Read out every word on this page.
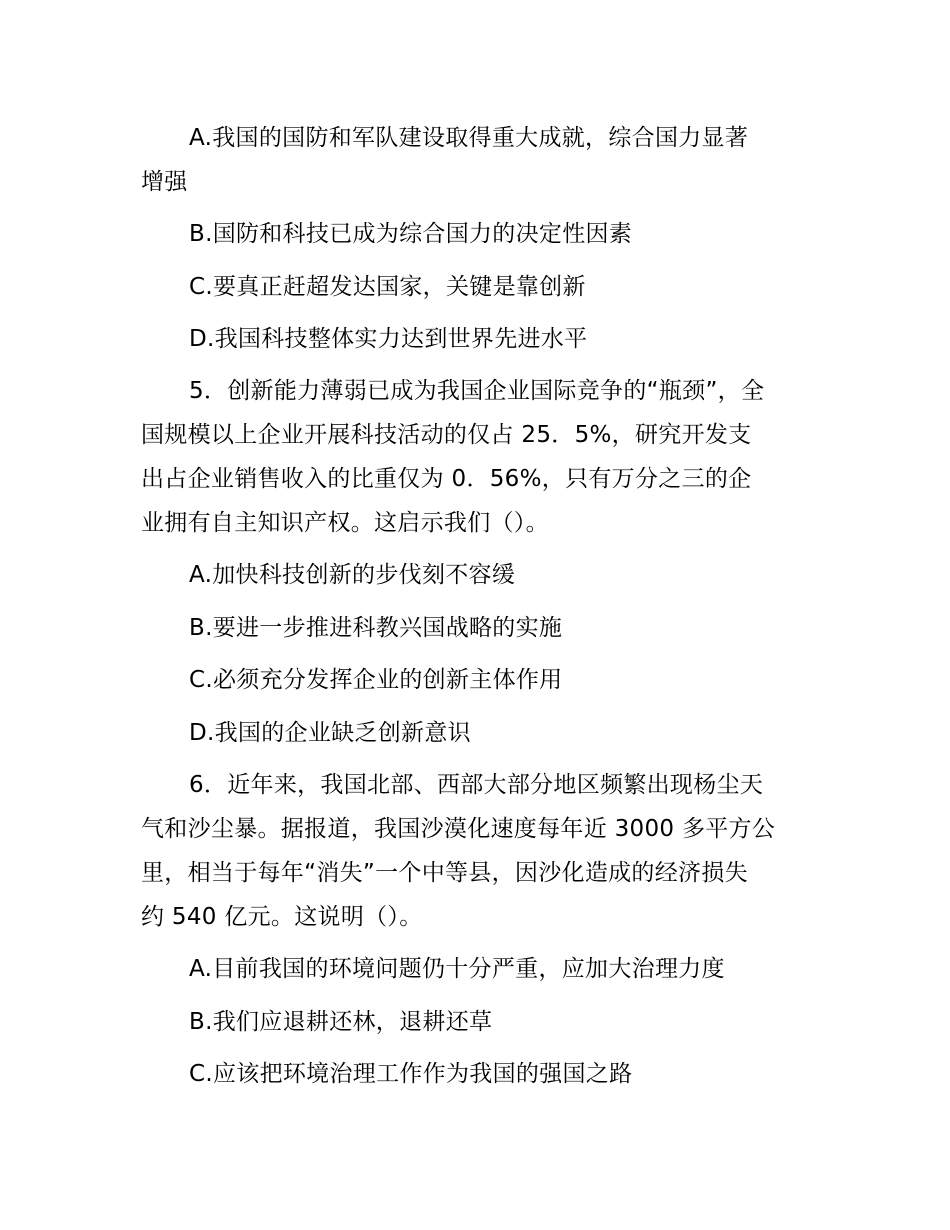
A.我国的国防和军队建设取得重大成就，综合国力显著
增强
B.国防和科技已成为综合国力的决定性因素
C.要真正赶超发达国家，关键是靠创新
D.我国科技整体实力达到世界先进水平
5．创新能力薄弱已成为我国企业国际竞争的“瓶颈”，全
国规模以上企业开展科技活动的仅占 25．5%，研究开发支
出占企业销售收入的比重仅为 0．56%，只有万分之三的企
业拥有自主知识产权。这启示我们（）。
A.加快科技创新的步伐刻不容缓
B.要进一步推进科教兴国战略的实施
C.必须充分发挥企业的创新主体作用
D.我国的企业缺乏创新意识
6．近年来，我国北部、西部大部分地区频繁出现杨尘天
气和沙尘暴。据报道，我国沙漠化速度每年近 3000 多平方公
里，相当于每年“消失”一个中等县，因沙化造成的经济损失
约 540 亿元。这说明（）。
A.目前我国的环境问题仍十分严重，应加大治理力度
B.我们应退耕还林，退耕还草
C.应该把环境治理工作作为我国的强国之路
